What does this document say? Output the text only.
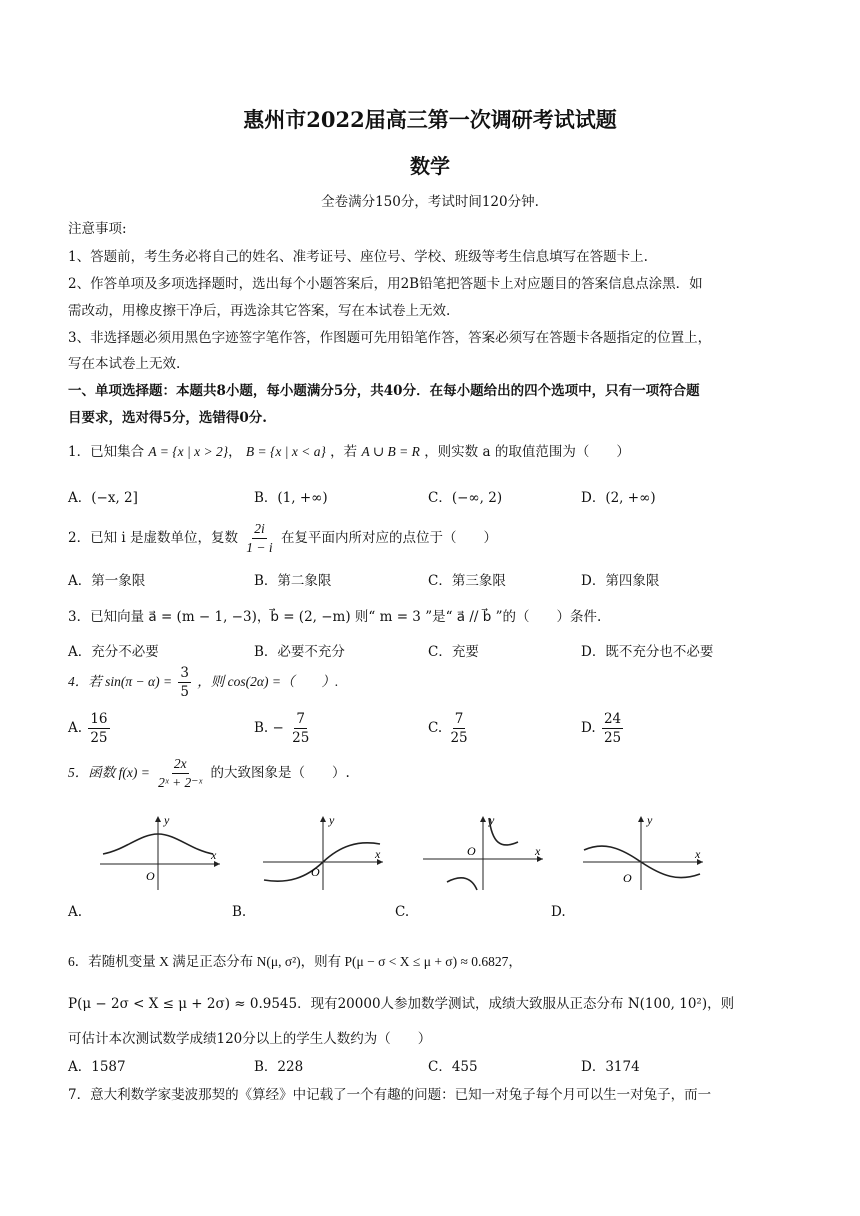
惠州市2022届高三第一次调研考试试题
数学
全卷满分150分，考试时间120分钟.
注意事项:
1、答题前，考生务必将自己的姓名、准考证号、座位号、学校、班级等考生信息填写在答题卡上.
2、作答单项及多项选择题时，选出每个小题答案后，用2B铅笔把答题卡上对应题目的答案信息点涂黑．如
需改动，用橡皮擦干净后，再选涂其它答案，写在本试卷上无效.
3、非选择题必须用黑色字迹签字笔作答，作图题可先用铅笔作答，答案必须写在答题卡各题指定的位置上，
写在本试卷上无效.
一、单项选择题：本题共8小题，每小题满分5分，共40分．在每小题给出的四个选项中，只有一项符合题
目要求，选对得5分，选错得0分.
1．已知集合 A = {x | x > 2}， B = {x | x < a} ，若 A ∪ B = R ，则实数 a 的取值范围为（　　）
A．(−x, 2]	B．(1, +∞)	C．(−∞, 2)	D．(2, +∞)
2．已知 i 是虚数单位，复数 $\frac{2i}{1 - i}$ 在复平面内所对应的点位于（　　）
A．第一象限	B．第二象限	C．第三象限	D．第四象限
3．已知向量 a⃗ = (m − 1, −3)，b⃗ = (2, −m) 则“ m = 3 ”是“ a⃗ // b⃗ ”的（　　）条件.
A．充分不必要	B．必要不充分	C．充要	D．既不充分也不必要
4．若 $\sin(\pi - \alpha) = \frac{3}{5}$ ，则 cos(2α) =（　　）.
A. $\frac{16}{25}$	B. − $\frac{7}{25}$	C. $\frac{7}{25}$	D. $\frac{24}{25}$
5．函数 $f(x) = \frac{2x}{\text{2ˣ + 2⁻ˣ}}$ 的大致图象是（　　）.
x
y
O
A.
x
y
O
B.
x
y
O
C.
x
y
O
D.
6．若随机变量 X 满足正态分布 N(μ, σ²)，则有 P(μ − σ < X ≤ μ + σ) ≈ 0.6827，
P(μ − 2σ < X ≤ μ + 2σ) ≈ 0.9545．现有20000人参加数学测试，成绩大致服从正态分布 N(100, 10²)，则
可估计本次测试数学成绩120分以上的学生人数约为（　　）
A．1587	B．228	C．455	D．3174
7．意大利数学家斐波那契的《算经》中记载了一个有趣的问题：已知一对兔子每个月可以生一对兔子，而一
